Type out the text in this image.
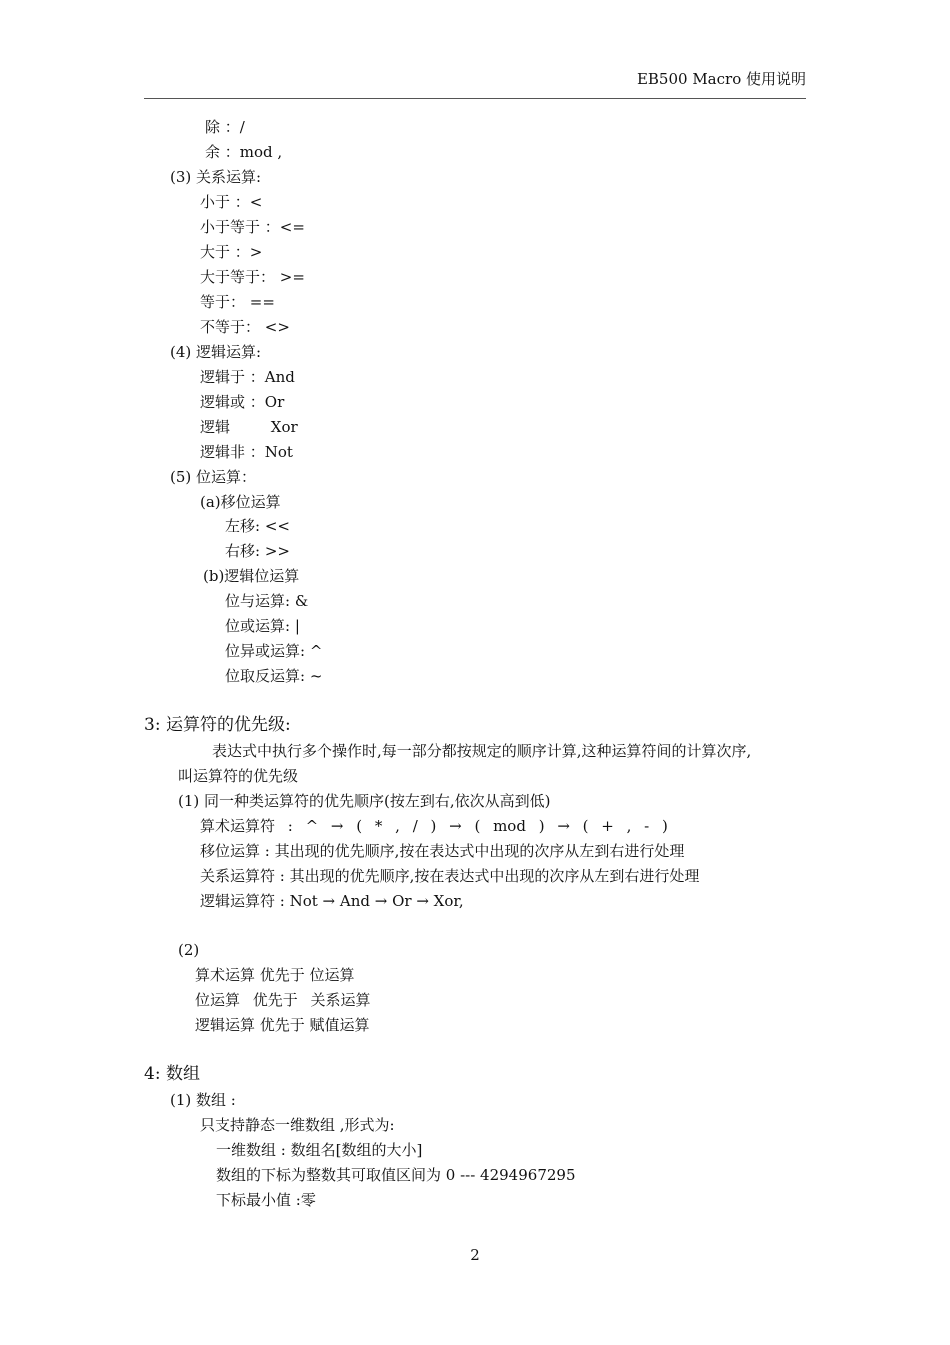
EB500 Macro 使用说明
除 ：/
余 ：mod ,
(3) 关系运算:
小于 ：<
小于等于 ：<=
大于 ：>
大于等于： >=
等于： ==
不等于： <>
(4) 逻辑运算:
逻辑于 ：And
逻辑或 ：Or
逻辑 Xor
逻辑非 ：Not
(5) 位运算：
(a)移位运算
左移: <<
右移: >>
(b)逻辑位运算
位与运算: &
位或运算: |
位异或运算: ^
位取反运算: ~
3: 运算符的优先级:
表达式中执行多个操作时,每一部分都按规定的顺序计算,这种运算符间的计算次序,
叫运算符的优先级
(1) 同一种类运算符的优先顺序(按左到右,依次从高到低)
算术运算符 : ^ → ( * , / ) → ( mod ) → ( + , - )
移位运算 : 其出现的优先顺序,按在表达式中出现的次序从左到右进行处理
关系运算符 : 其出现的优先顺序,按在表达式中出现的次序从左到右进行处理
逻辑运算符 : Not → And → Or → Xor,
(2)
算术运算 优先于 位运算
位运算 优先于 关系运算
逻辑运算 优先于 赋值运算
4: 数组
(1) 数组 :
只支持静态一维数组 ,形式为:
一维数组 : 数组名[数组的大小]
数组的下标为整数其可取值区间为 0 --- 4294967295
下标最小值 :零
2
